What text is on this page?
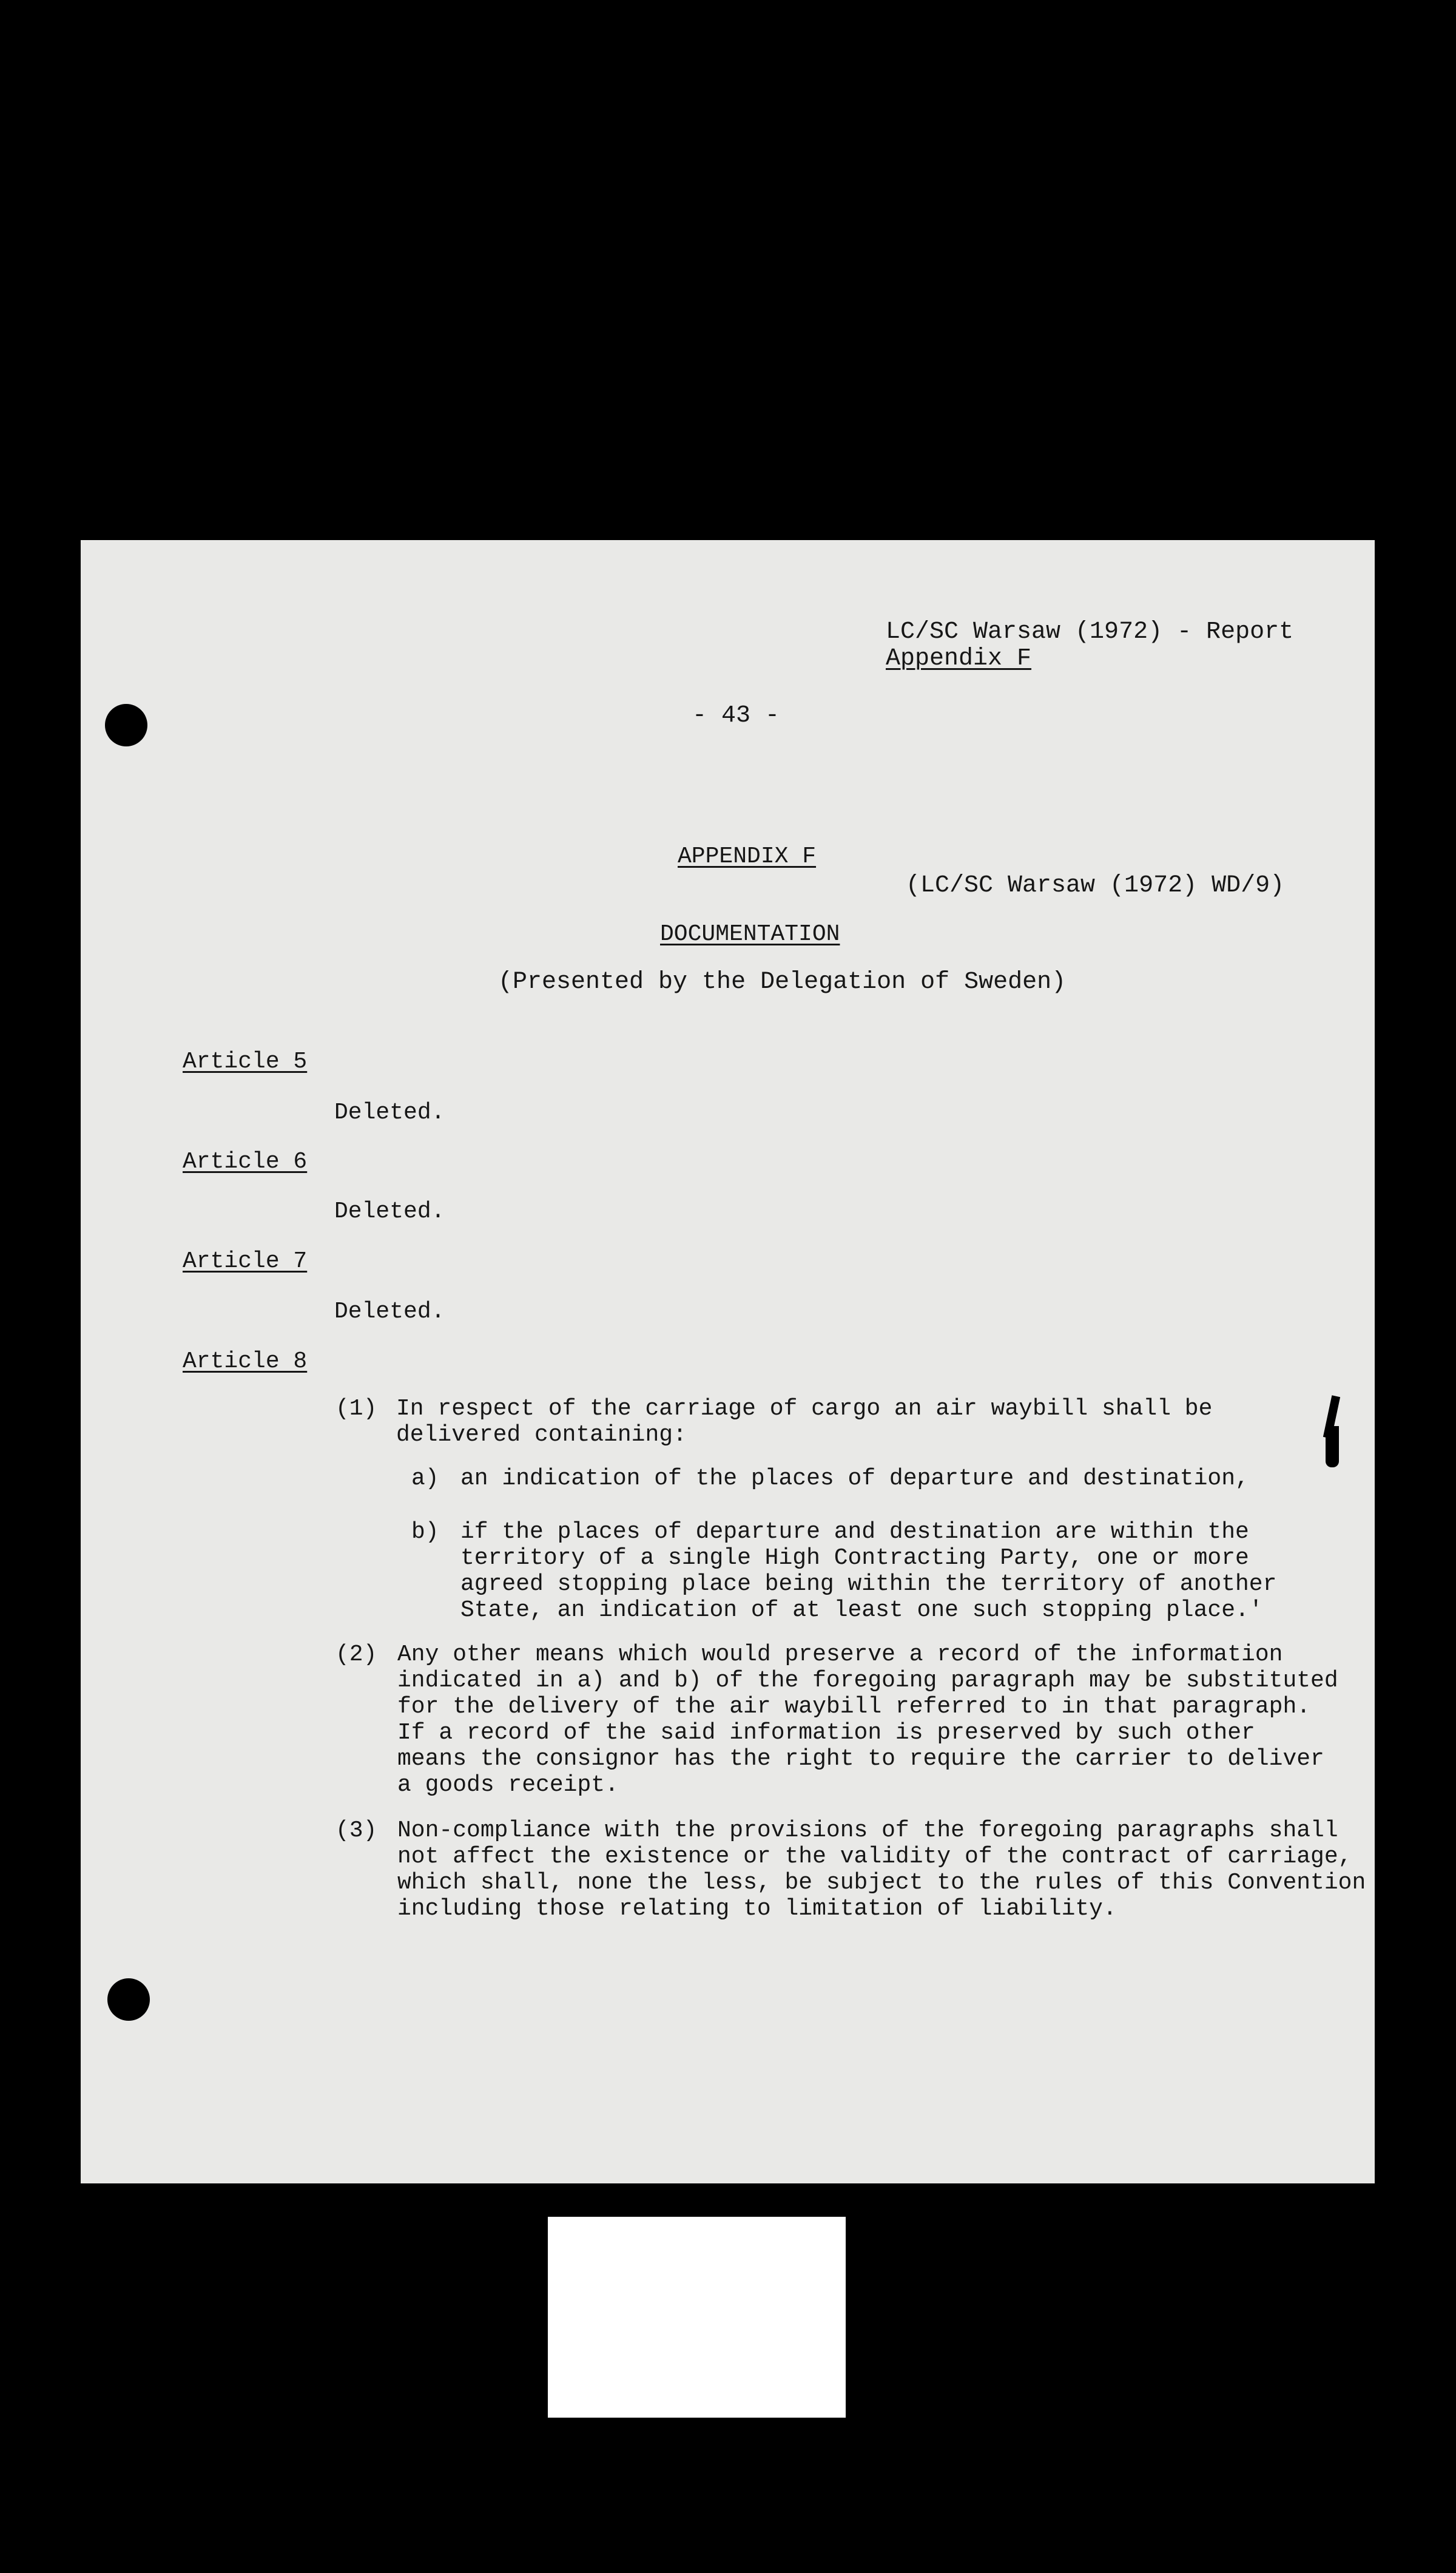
LC/SC Warsaw (1972) - Report
Appendix F
- 43 -
APPENDIX F
(LC/SC Warsaw (1972) WD/9)
DOCUMENTATION
(Presented by the Delegation of Sweden)
Article 5
Deleted.
Article 6
Deleted.
Article 7
Deleted.
Article 8
(1) In respect of the carriage of cargo an air waybill shall be
delivered containing:
a) an indication of the places of departure and destination,
b) if the places of departure and destination are within the
territory of a single High Contracting Party, one or more
agreed stopping place being within the territory of another
State, an indication of at least one such stopping place.'
(2) Any other means which would preserve a record of the information
indicated in a) and b) of the foregoing paragraph may be substituted
for the delivery of the air waybill referred to in that paragraph.
If a record of the said information is preserved by such other
means the consignor has the right to require the carrier to deliver
a goods receipt.
(3) Non-compliance with the provisions of the foregoing paragraphs shall
not affect the existence or the validity of the contract of carriage,
which shall, none the less, be subject to the rules of this Convention
including those relating to limitation of liability.
